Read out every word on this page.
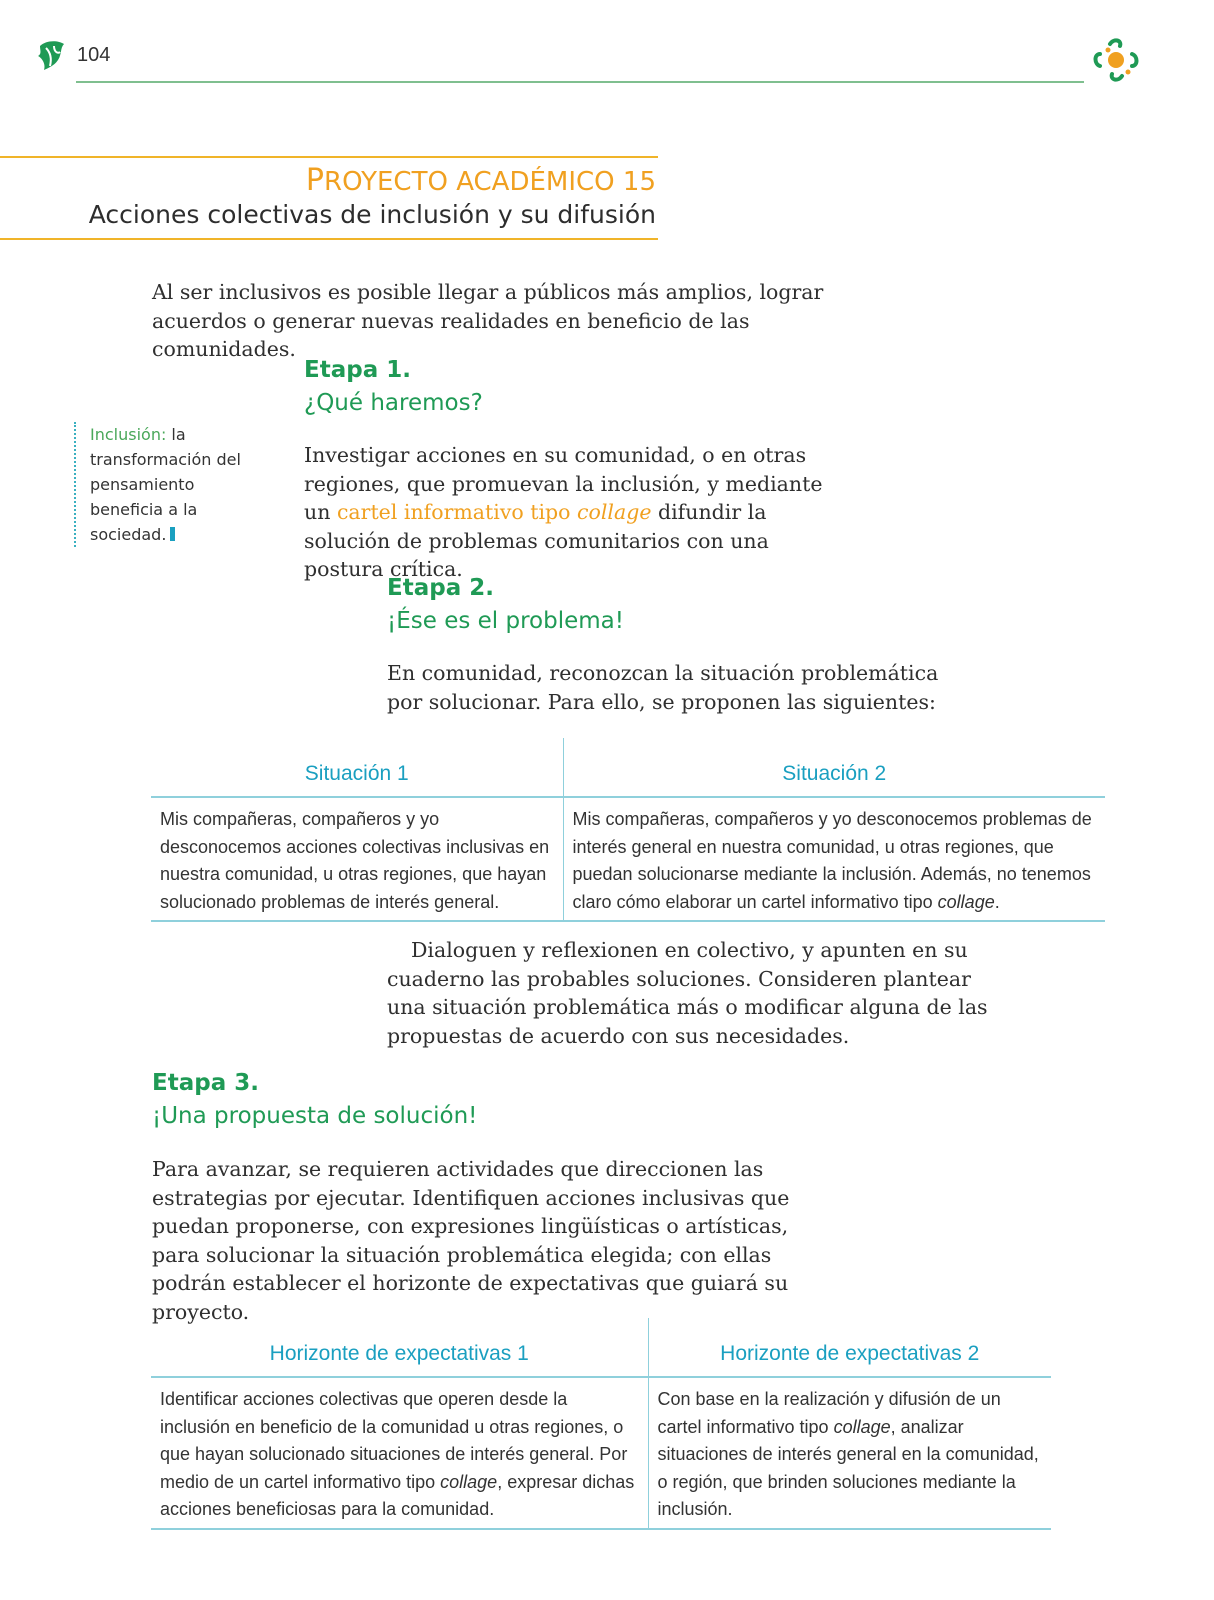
104
PROYECTO ACADÉMICO 15
Acciones colectivas de inclusión y su difusión
Al ser inclusivos es posible llegar a públicos más amplios, lograr acuerdos o generar nuevas realidades en beneficio de las comunidades.
Etapa 1.
¿Qué haremos?
Investigar acciones en su comunidad, o en otras regiones, que promuevan la inclusión, y mediante un cartel informativo tipo collage difundir la solución de problemas comunitarios con una postura crítica.
Inclusión: la transformación del pensamiento beneficia a la sociedad.
Etapa 2.
¡Ése es el problema!
En comunidad, reconozcan la situación problemática por solucionar. Para ello, se proponen las siguientes:
Situación 1	Situación 2
Mis compañeras, compañeros y yo desconocemos acciones colectivas inclusivas en nuestra comunidad, u otras regiones, que hayan solucionado problemas de interés general.	Mis compañeras, compañeros y yo desconocemos problemas de interés general en nuestra comunidad, u otras regiones, que puedan solucionarse mediante la inclusión. Además, no tenemos claro cómo elaborar un cartel informativo tipo collage.
Dialoguen y reflexionen en colectivo, y apunten en su cuaderno las probables soluciones. Consideren plantear una situación problemática más o modificar alguna de las propuestas de acuerdo con sus necesidades.
Etapa 3.
¡Una propuesta de solución!
Para avanzar, se requieren actividades que direccionen las estrategias por ejecutar. Identifiquen acciones inclusivas que puedan proponerse, con expresiones lingüísticas o artísticas, para solucionar la situación problemática elegida; con ellas podrán establecer el horizonte de expectativas que guiará su proyecto.
Horizonte de expectativas 1	Horizonte de expectativas 2
Identificar acciones colectivas que operen desde la inclusión en beneficio de la comunidad u otras regiones, o que hayan solucionado situaciones de interés general. Por medio de un cartel informativo tipo collage, expresar dichas acciones beneficiosas para la comunidad.	Con base en la realización y difusión de un cartel informativo tipo collage, analizar situaciones de interés general en la comunidad, o región, que brinden soluciones mediante la inclusión.
